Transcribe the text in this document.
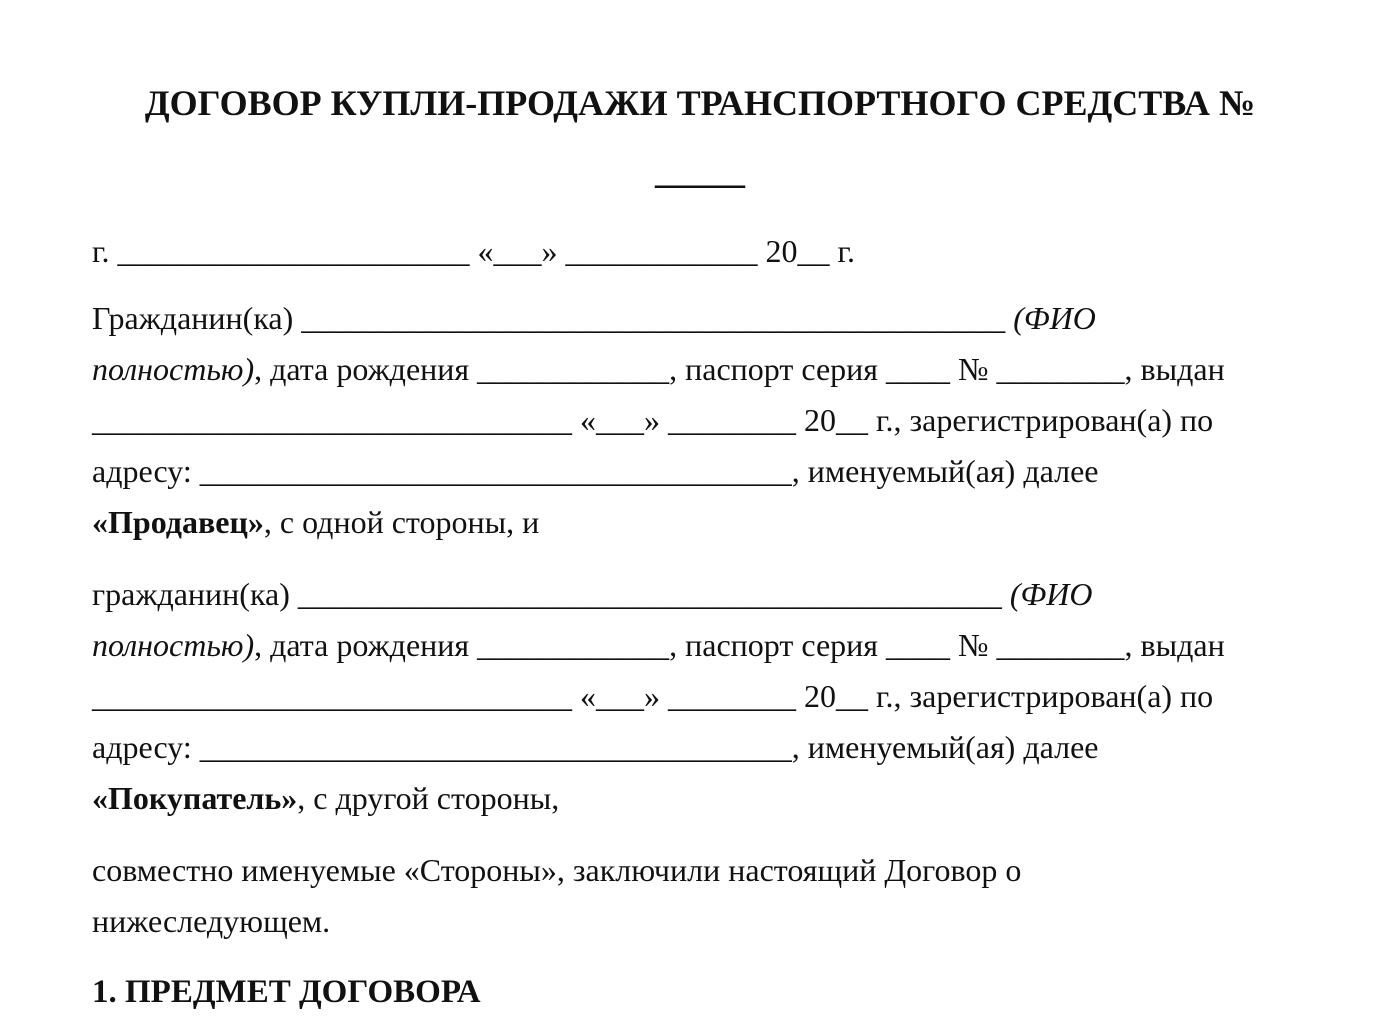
ДОГОВОР КУПЛИ-ПРОДАЖИ ТРАНСПОРТНОГО СРЕДСТВА №
_____

г. ______________________ «___» ____________ 20__ г.

Гражданин(ка) ____________________________________________ (ФИО
полностью), дата рождения ____________, паспорт серия ____ № ________, выдан
______________________________ «___» ________ 20__ г., зарегистрирован(а) по
адресу: _____________________________________, именуемый(ая) далее
«Продавец», с одной стороны, и

гражданин(ка) ____________________________________________ (ФИО
полностью), дата рождения ____________, паспорт серия ____ № ________, выдан
______________________________ «___» ________ 20__ г., зарегистрирован(а) по
адресу: _____________________________________, именуемый(ая) далее
«Покупатель», с другой стороны,

совместно именуемые «Стороны», заключили настоящий Договор о
нижеследующем.

1. ПРЕДМЕТ ДОГОВОРА
